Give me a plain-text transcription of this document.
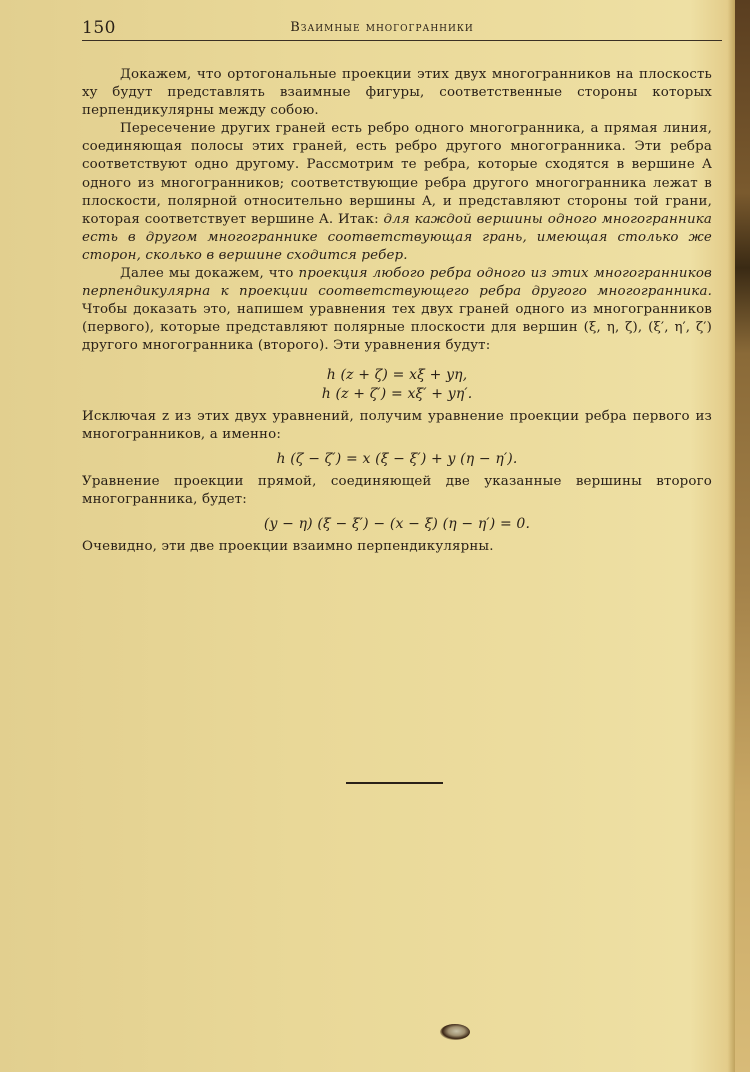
150	Взаимные многогранники

Докажем, что ортогональные проекции этих двух многогранников на плоскость xy будут представлять взаимные фигуры, соответственные стороны которых перпендикулярны между собою.

Пересечение других граней есть ребро одного многогранника, а прямая линия, соединяющая полосы этих граней, есть ребро другого многогранника. Эти ребра соответствуют одно другому. Рассмотрим те ребра, которые сходятся в вершине A одного из многогранников; соответствующие ребра другого многогранника лежат в плоскости, полярной относительно вершины A, и представляют стороны той грани, которая соответствует вершине A. Итак: для каждой вершины одного многогранника есть в другом многограннике соответствующая грань, имеющая столько же сторон, сколько в вершине сходится ребер.

Далее мы докажем, что проекция любого ребра одного из этих многогранников перпендикулярна к проекции соответствующего ребра другого многогранника. Чтобы доказать это, напишем уравнения тех двух граней одного из многогранников (первого), которые представляют полярные плоскости для вершин (ξ, η, ζ), (ξ′, η′, ζ′) другого многогранника (второго). Эти уравнения будут:

h (z + ζ) = xξ + yη,
h (z + ζ′) = xξ′ + yη′.

Исключая z из этих двух уравнений, получим уравнение проекции ребра первого из многогранников, а именно:

h (ζ − ζ′) = x (ξ − ξ′) + y (η − η′).

Уравнение проекции прямой, соединяющей две указанные вершины второго многогранника, будет:

(y − η) (ξ − ξ′) − (x − ξ) (η − η′) = 0.

Очевидно, эти две проекции взаимно перпендикулярны.
